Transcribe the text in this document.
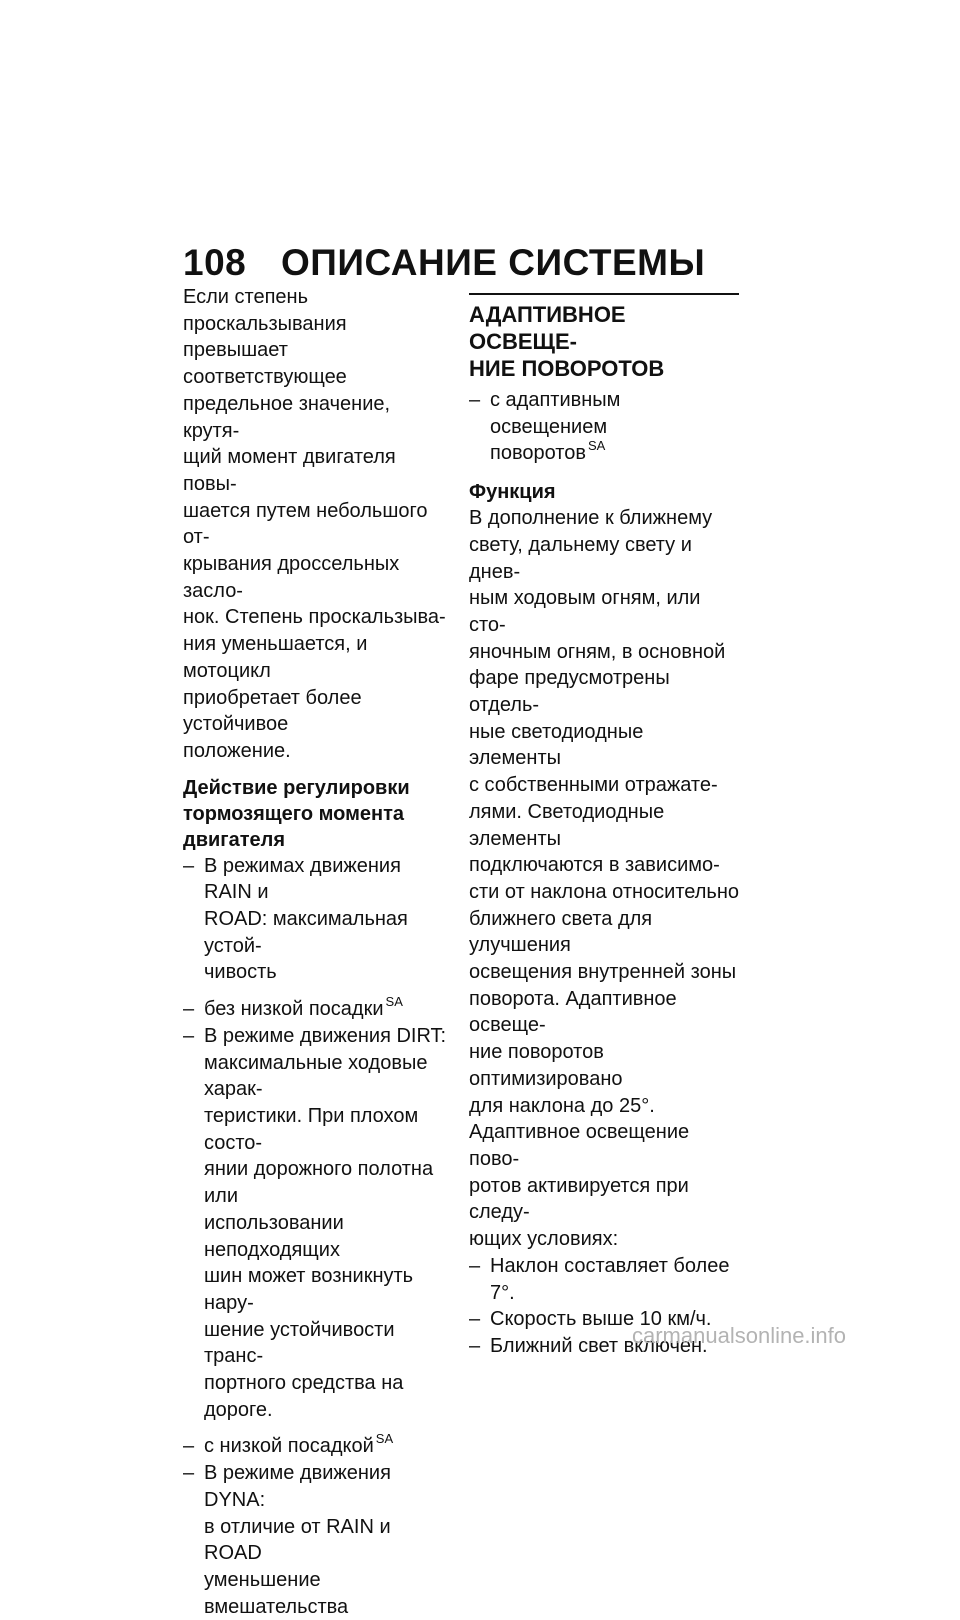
108 ОПИСАНИЕ СИСТЕМЫ
Если степень проскальзывания
превышает соответствующее
предельное значение, крутя-
щий момент двигателя повы-
шается путем небольшого от-
крывания дроссельных засло-
нок. Степень проскальзыва-
ния уменьшается, и мотоцикл
приобретает более устойчивое
положение.
Действие регулировки
тормозящего момента
двигателя
– В режимах движения RAIN и
ROAD: максимальная устой-
чивость
– без низкой посадки $^{SA}$
– В режиме движения DIRT:
максимальные ходовые харак-
теристики. При плохом состо-
янии дорожного полотна или
использовании неподходящих
шин может возникнуть нару-
шение устойчивости транс-
портного средства на дороге.
– с низкой посадкой $^{SA}$
– В режиме движения DYNA:
в отличие от RAIN и ROAD
уменьшение вмешательства
АДАПТИВНОЕ ОСВЕЩЕ-
НИЕ ПОВОРОТОВ
– с адаптивным освещением
поворотов $^{SA}$
Функция
В дополнение к ближнему
свету, дальнему свету и днев-
ным ходовым огням, или сто-
яночным огням, в основной
фаре предусмотрены отдель-
ные светодиодные элементы
с собственными отражате-
лями. Светодиодные элементы
подключаются в зависимо-
сти от наклона относительно
ближнего света для улучшения
освещения внутренней зоны
поворота. Адаптивное освеще-
ние поворотов оптимизировано
для наклона до 25°.
Адаптивное освещение пово-
ротов активируется при следу-
ющих условиях:
– Наклон составляет более 7°.
– Скорость выше 10 км/ч.
– Ближний свет включен.
carmanualsonline.info
